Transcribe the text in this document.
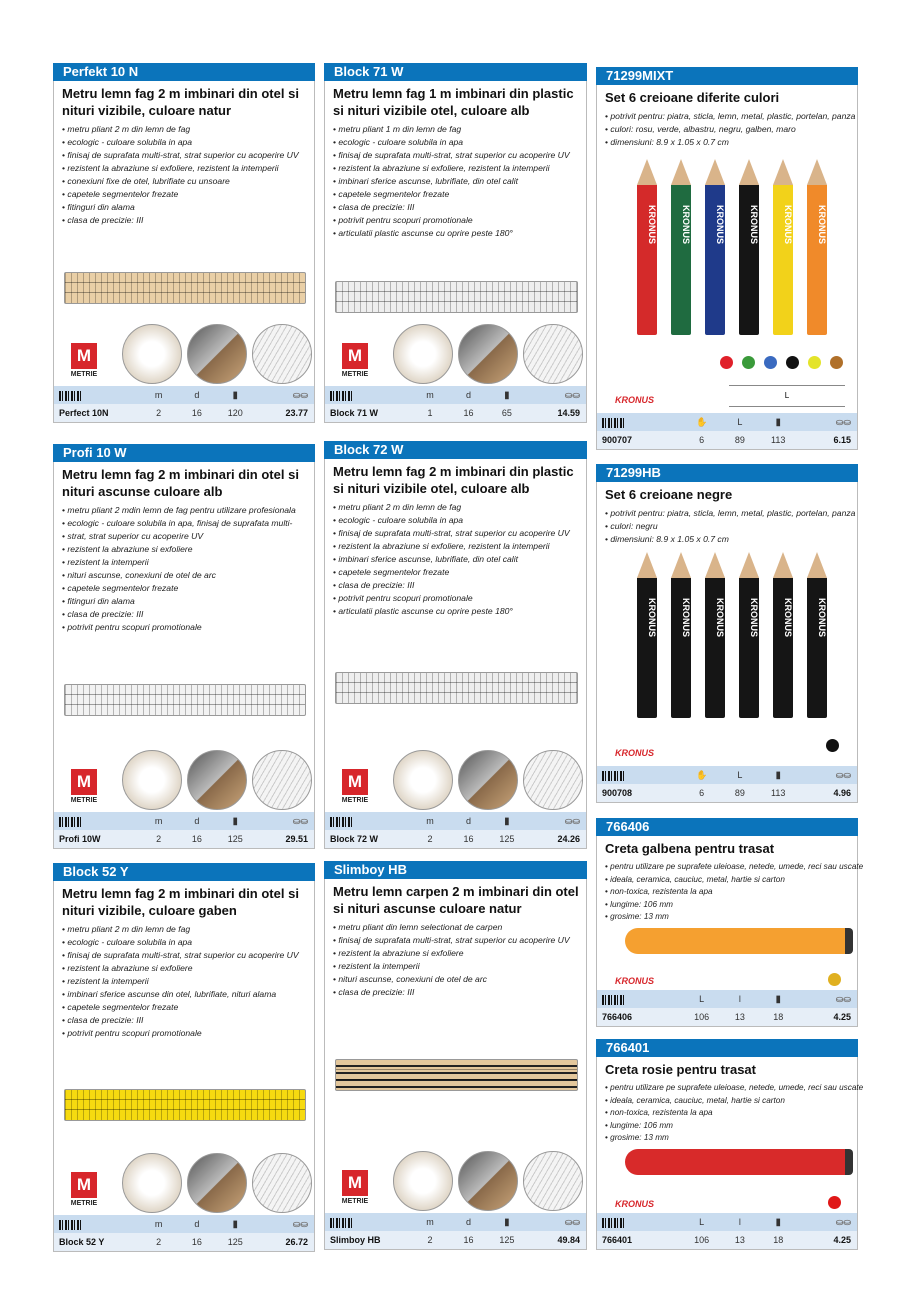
Perfekt 10 N
Metru lemn fag 2 m imbinari din otel si nituri vizibile, culoare natur
• metru pliant 2 m din lemn de fag
• ecologic - culoare solubila in apa
• finisaj de suprafata multi-strat, strat superior cu acoperire UV
• rezistent la abraziune si exfoliere, rezistent la intemperii
• conexiuni fixe de otel, lubrifiate cu unsoare
• capetele segmentelor frezate
• fitinguri din alama
• clasa de precizie: III
M
METRIE
m	d	▮	⛀⛀
Perfect 10N	2	16	120	23.77
Profi 10 W
Metru lemn fag 2 m imbinari din otel si nituri ascunse culoare alb
• metru pliant 2 mdin lemn de fag pentru utilizare profesionala
• ecologic - culoare solubila in apa, finisaj de suprafata multi-
• strat, strat superior cu acoperire UV
• rezistent la abraziune si exfoliere
• rezistent la intemperii
• nituri ascunse, conexiuni de otel de arc
• capetele segmentelor frezate
• fitinguri din alama
• clasa de precizie: III
• potrivit pentru scopuri promotionale
M
METRIE
m	d	▮	⛀⛀
Profi 10W	2	16	125	29.51
Block 52 Y
Metru lemn fag 2 m imbinari din otel si nituri vizibile, culoare gaben
• metru pliant 2 m din lemn de fag
• ecologic - culoare solubila in apa
• finisaj de suprafata multi-strat, strat superior cu acoperire UV
• rezistent la abraziune si exfoliere
• rezistent la intemperii
• imbinari sferice ascunse din otel, lubrifiate, nituri alama
• capetele segmentelor frezate
• clasa de precizie: III
• potrivit pentru scopuri promotionale
M
METRIE
m	d	▮	⛀⛀
Block 52 Y	2	16	125	26.72
Block 71 W
Metru lemn fag 1 m imbinari din plastic si nituri vizibile otel, culoare alb
• metru pliant 1 m din lemn de fag
• ecologic - culoare solubila in apa
• finisaj de suprafata multi-strat, strat superior cu acoperire UV
• rezistent la abraziune si exfoliere, rezistent la intemperii
• imbinari sferice ascunse, lubrifiate, din otel calit
• capetele segmentelor frezate
• clasa de precizie: III
• potrivit pentru scopuri promotionale
• articulatii plastic ascunse cu oprire peste 180°
M
METRIE
m	d	▮	⛀⛀
Block 71 W	1	16	65	14.59
Block 72 W
Metru lemn fag 2 m imbinari din plastic si nituri vizibile otel, culoare alb
• metru pliant 2 m din lemn de fag
• ecologic - culoare solubila in apa
• finisaj de suprafata multi-strat, strat superior cu acoperire UV
• rezistent la abraziune si exfoliere, rezistent la intemperii
• imbinari sferice ascunse, lubrifiate, din otel calit
• capetele segmentelor frezate
• clasa de precizie: III
• potrivit pentru scopuri promotionale
• articulatii plastic ascunse cu oprire peste 180°
M
METRIE
m	d	▮	⛀⛀
Block 72 W	2	16	125	24.26
Slimboy HB
Metru lemn carpen 2 m imbinari din otel si nituri ascunse culoare natur
• metru pliant din lemn selectionat de carpen
• finisaj de suprafata multi-strat, strat superior cu acoperire UV
• rezistent la abraziune si exfoliere
• rezistent la intemperii
• nituri ascunse, conexiuni de otel de arc
• clasa de precizie: III
M
METRIE
m	d	▮	⛀⛀
Slimboy HB	2	16	125	49.84
71299MIXT
Set 6 creioane diferite culori
• potrivit pentru: piatra, sticla, lemn, metal, plastic, portelan, panza
• culori: rosu, verde, albastru, negru, galben, maro
• dimensiuni: 8.9 x 1.05 x 0.7 cm
KRONUS	KRONUS	KRONUS	KRONUS	KRONUS	KRONUS
KRONUS	L
✋	L	▮	⛀⛀
900707	6	89	113	6.15
71299HB
Set 6 creioane negre
• potrivit pentru: piatra, sticla, lemn, metal, plastic, portelan, panza
• culori: negru
• dimensiuni: 8.9 x 1.05 x 0.7 cm
KRONUS	KRONUS	KRONUS	KRONUS	KRONUS	KRONUS
KRONUS
✋	L	▮	⛀⛀
900708	6	89	113	4.96
766406
Creta galbena pentru trasat
• pentru utilizare pe suprafete uleioase, netede, umede, reci sau uscate
• ideala, ceramica, cauciuc, metal, hartie si carton
• non-toxica, rezistenta la apa
• lungime: 106 mm
• grosime: 13 mm
KRONUS
L	l	▮	⛀⛀
766406	106	13	18	4.25
766401
Creta rosie pentru trasat
• pentru utilizare pe suprafete uleioase, netede, umede, reci sau uscate
• ideala, ceramica, cauciuc, metal, hartie si carton
• non-toxica, rezistenta la apa
• lungime: 106 mm
• grosime: 13 mm
KRONUS
L	l	▮	⛀⛀
766401	106	13	18	4.25
